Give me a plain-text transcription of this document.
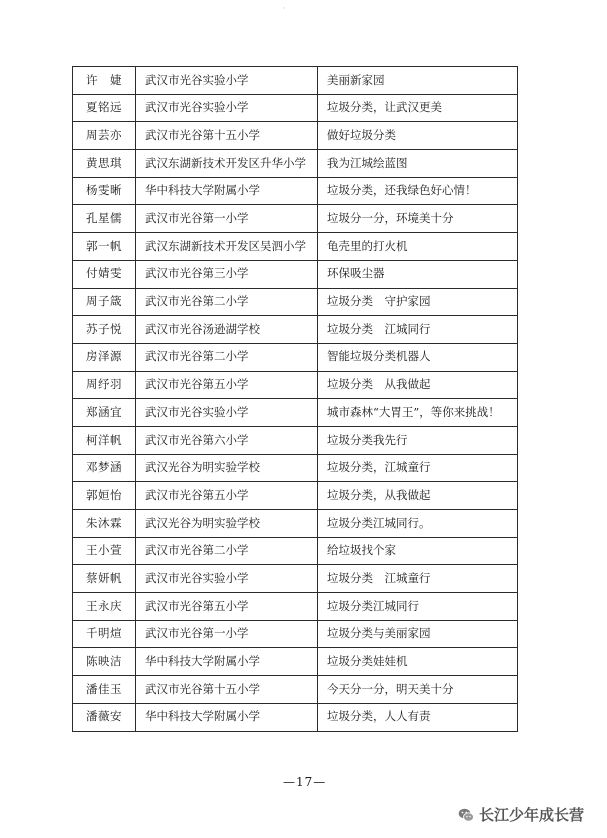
·
许　婕	武汉市光谷实验小学	美丽新家园
夏铭远	武汉市光谷实验小学	垃圾分类，让武汉更美
周芸亦	武汉市光谷第十五小学	做好垃圾分类
黄思琪	武汉东湖新技术开发区升华小学	我为江城绘蓝图
杨雯晰	华中科技大学附属小学	垃圾分类，还我绿色好心情！
孔星儒	武汉市光谷第一小学	垃圾分一分，环境美十分
郭一帆	武汉东湖新技术开发区吴泗小学	龟壳里的打火机
付婧雯	武汉市光谷第三小学	环保吸尘器
周子箴	武汉市光谷第二小学	垃圾分类　守护家园
苏子悦	武汉市光谷汤逊湖学校	垃圾分类　江城同行
房泽源	武汉市光谷第二小学	智能垃圾分类机器人
周纾羽	武汉市光谷第五小学	垃圾分类　从我做起
郑涵宜	武汉市光谷实验小学	城市森林“大胃王”，等你来挑战！
柯洋帆	武汉市光谷第六小学	垃圾分类我先行
邓梦涵	武汉光谷为明实验学校	垃圾分类，江城童行
郭姮怡	武汉市光谷第五小学	垃圾分类，从我做起
朱沐霖	武汉光谷为明实验学校	垃圾分类江城同行。
王小萱	武汉市光谷第二小学	给垃圾找个家
蔡妍帆	武汉市光谷实验小学	垃圾分类　江城童行
王永庆	武汉市光谷第五小学	垃圾分类江城同行
千明煊	武汉市光谷第一小学	垃圾分类与美丽家园
陈映洁	华中科技大学附属小学	垃圾分类娃娃机
潘佳玉	武汉市光谷第十五小学	今天分一分，明天美十分
潘薇安	华中科技大学附属小学	垃圾分类，人人有责
—17—
长江少年成长营
